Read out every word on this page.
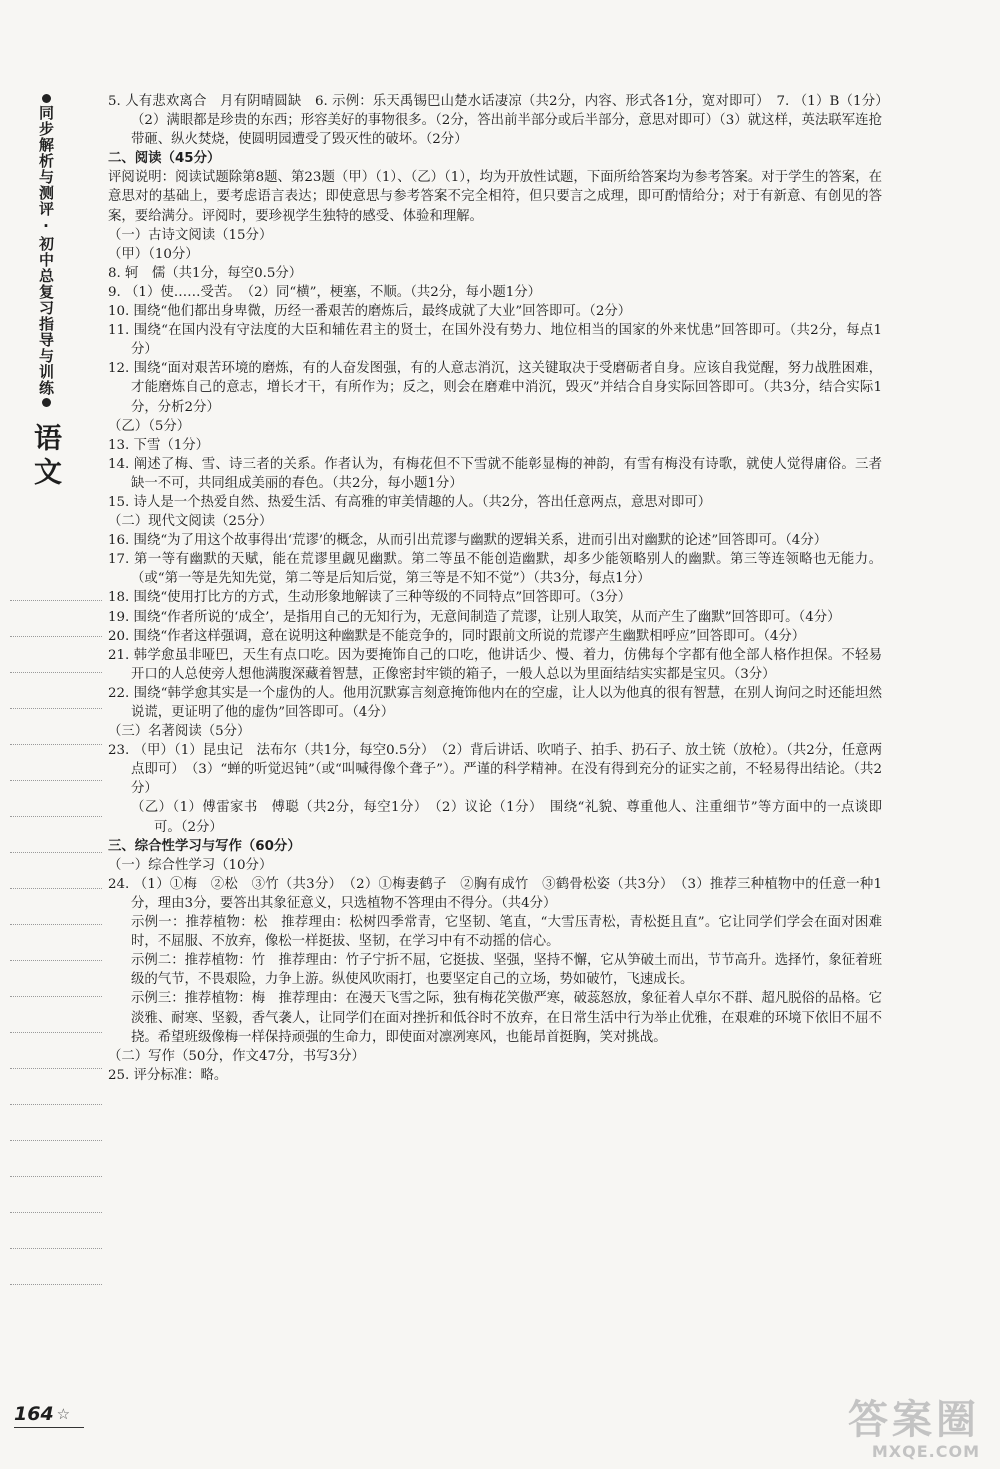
同步解析与测评·初中总复习指导与训练
语文

5. 人有悲欢离合　月有阴晴圆缺　6. 示例：乐天禹锡巴山楚水话凄凉（共2分，内容、形式各1分，宽对即可）　7. （1）B（1分）　（2）满眼都是珍贵的东西；形容美好的事物很多。（2分，答出前半部分或后半部分，意思对即可）（3）就这样，英法联军连抢带砸、纵火焚烧，使圆明园遭受了毁灭性的破坏。（2分）

二、阅读（45分）

评阅说明：阅读试题除第8题、第23题（甲）（1）、（乙）（1），均为开放性试题，下面所给答案均为参考答案。对于学生的答案，在意思对的基础上，要考虑语言表达；即使意思与参考答案不完全相符，但只要言之成理，即可酌情给分；对于有新意、有创见的答案，要给满分。评阅时，要珍视学生独特的感受、体验和理解。

（一）古诗文阅读（15分）

（甲）（10分）

8. 轲　儒（共1分，每空0.5分）

9. （1）使……受苦。　（2）同“横”，梗塞，不顺。（共2分，每小题1分）

10. 围绕“他们都出身卑微，历经一番艰苦的磨炼后，最终成就了大业”回答即可。（2分）

11. 围绕“在国内没有守法度的大臣和辅佐君主的贤士，在国外没有势力、地位相当的国家的外来忧患”回答即可。（共2分，每点1分）

12. 围绕“面对艰苦环境的磨炼，有的人奋发图强，有的人意志消沉，这关键取决于受磨砺者自身。应该自我觉醒，努力战胜困难，才能磨炼自己的意志，增长才干，有所作为；反之，则会在磨难中消沉，毁灭”并结合自身实际回答即可。（共3分，结合实际1分，分析2分）

（乙）（5分）

13. 下雪（1分）

14. 阐述了梅、雪、诗三者的关系。作者认为，有梅花但不下雪就不能彰显梅的神韵，有雪有梅没有诗歌，就使人觉得庸俗。三者缺一不可，共同组成美丽的春色。（共2分，每小题1分）

15. 诗人是一个热爱自然、热爱生活、有高雅的审美情趣的人。（共2分，答出任意两点，意思对即可）

（二）现代文阅读（25分）

16. 围绕“为了用这个故事得出‘荒谬’的概念，从而引出荒谬与幽默的逻辑关系，进而引出对幽默的论述”回答即可。（4分）

17. 第一等有幽默的天赋，能在荒谬里觑见幽默。第二等虽不能创造幽默，却多少能领略别人的幽默。第三等连领略也无能力。（或“第一等是先知先觉，第二等是后知后觉，第三等是不知不觉”）（共3分，每点1分）

18. 围绕“使用打比方的方式，生动形象地解读了三种等级的不同特点”回答即可。（3分）

19. 围绕“作者所说的‘成全’，是指用自己的无知行为，无意间制造了荒谬，让别人取笑，从而产生了幽默”回答即可。（4分）

20. 围绕“作者这样强调，意在说明这种幽默是不能竞争的，同时跟前文所说的荒谬产生幽默相呼应”回答即可。（4分）

21. 韩学愈虽非哑巴，天生有点口吃。因为要掩饰自己的口吃，他讲话少、慢、着力，仿佛每个字都有他全部人格作担保。不轻易开口的人总使旁人想他满腹深藏着智慧，正像密封牢锁的箱子，一般人总以为里面结结实实都是宝贝。（3分）

22. 围绕“韩学愈其实是一个虚伪的人。他用沉默寡言刻意掩饰他内在的空虚，让人以为他真的很有智慧，在别人询问之时还能坦然说谎，更证明了他的虚伪”回答即可。（4分）

（三）名著阅读（5分）

23. （甲）（1）昆虫记　法布尔（共1分，每空0.5分）　（2）背后讲话、吹哨子、拍手、扔石子、放土铳（放枪）。（共2分，任意两点即可）　（3）“蝉的听觉迟钝”（或“叫喊得像个聋子”）。严谨的科学精神。在没有得到充分的证实之前，不轻易得出结论。（共2分）

（乙）（1）傅雷家书　傅聪（共2分，每空1分）　（2）议论（1分）　围绕“礼貌、尊重他人、注重细节”等方面中的一点谈即可。（2分）

三、综合性学习与写作（60分）

（一）综合性学习（10分）

24. （1）①梅　②松　③竹（共3分）　（2）①梅妻鹤子　②胸有成竹　③鹤骨松姿（共3分）　（3）推荐三种植物中的任意一种1分，理由3分，要答出其象征意义，只选植物不答理由不得分。（共4分）

示例一：推荐植物：松　推荐理由：松树四季常青，它坚韧、笔直，“大雪压青松，青松挺且直”。它让同学们学会在面对困难时，不屈服、不放弃，像松一样挺拔、坚韧，在学习中有不动摇的信心。

示例二：推荐植物：竹　推荐理由：竹子宁折不屈，它挺拔、坚强，坚持不懈，它从笋破土而出，节节高升。选择竹，象征着班级的气节，不畏艰险，力争上游。纵使风吹雨打，也要坚定自己的立场，势如破竹，飞速成长。

示例三：推荐植物：梅　推荐理由：在漫天飞雪之际，独有梅花笑傲严寒，破蕊怒放，象征着人卓尔不群、超凡脱俗的品格。它淡雅、耐寒、坚毅，香气袭人，让同学们在面对挫折和低谷时不放弃，在日常生活中行为举止优雅，在艰难的环境下依旧不屈不挠。希望班级像梅一样保持顽强的生命力，即使面对凛冽寒风，也能昂首挺胸，笑对挑战。

（二）写作（50分，作文47分，书写3分）

25. 评分标准：略。

164 ☆	答案圈
MXQE.COM
